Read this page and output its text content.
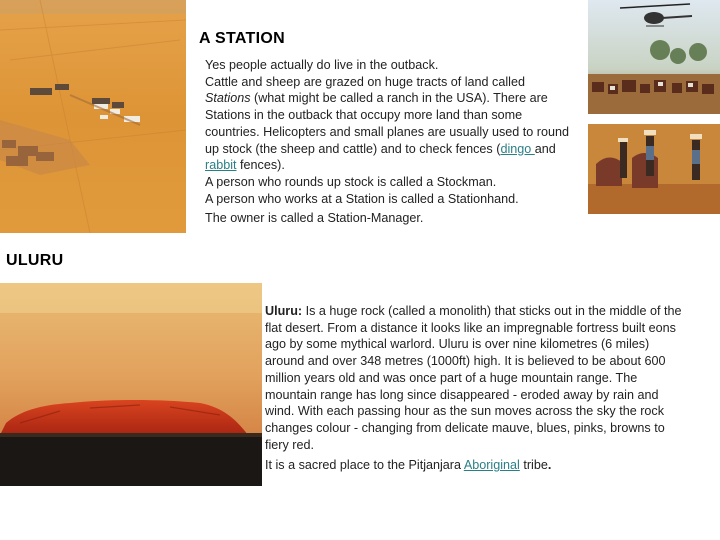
A STATION
ULURU

Yes people actually do live in the outback.

Cattle and sheep are grazed on huge tracts of land called

Stations (what might be called a ranch in the USA). There are Stations in the outback that occupy more land than some countries. Helicopters and small planes are usually used to round up stock (the sheep and cattle) and to check fences (dingo and rabbit fences).

A person who rounds up stock is called a Stockman.

A person who works at a Station is called a Stationhand.

The owner is called a Station-Manager.

Uluru: Is a huge rock (called a monolith) that sticks out in the middle of the flat desert. From a distance it looks like an impregnable fortress built eons ago by some mythical warlord. Uluru is over nine kilometres (6 miles) around and over 348 metres (1000ft) high. It is believed to be about 600 million years old and was once part of a huge mountain range. The mountain range has long since disappeared - eroded away by rain and wind. With each passing hour as the sun moves across the sky the rock changes colour - changing from delicate mauve, blues, pinks, browns to fiery red.

It is a sacred place to the Pitjanjara Aboriginal tribe.
